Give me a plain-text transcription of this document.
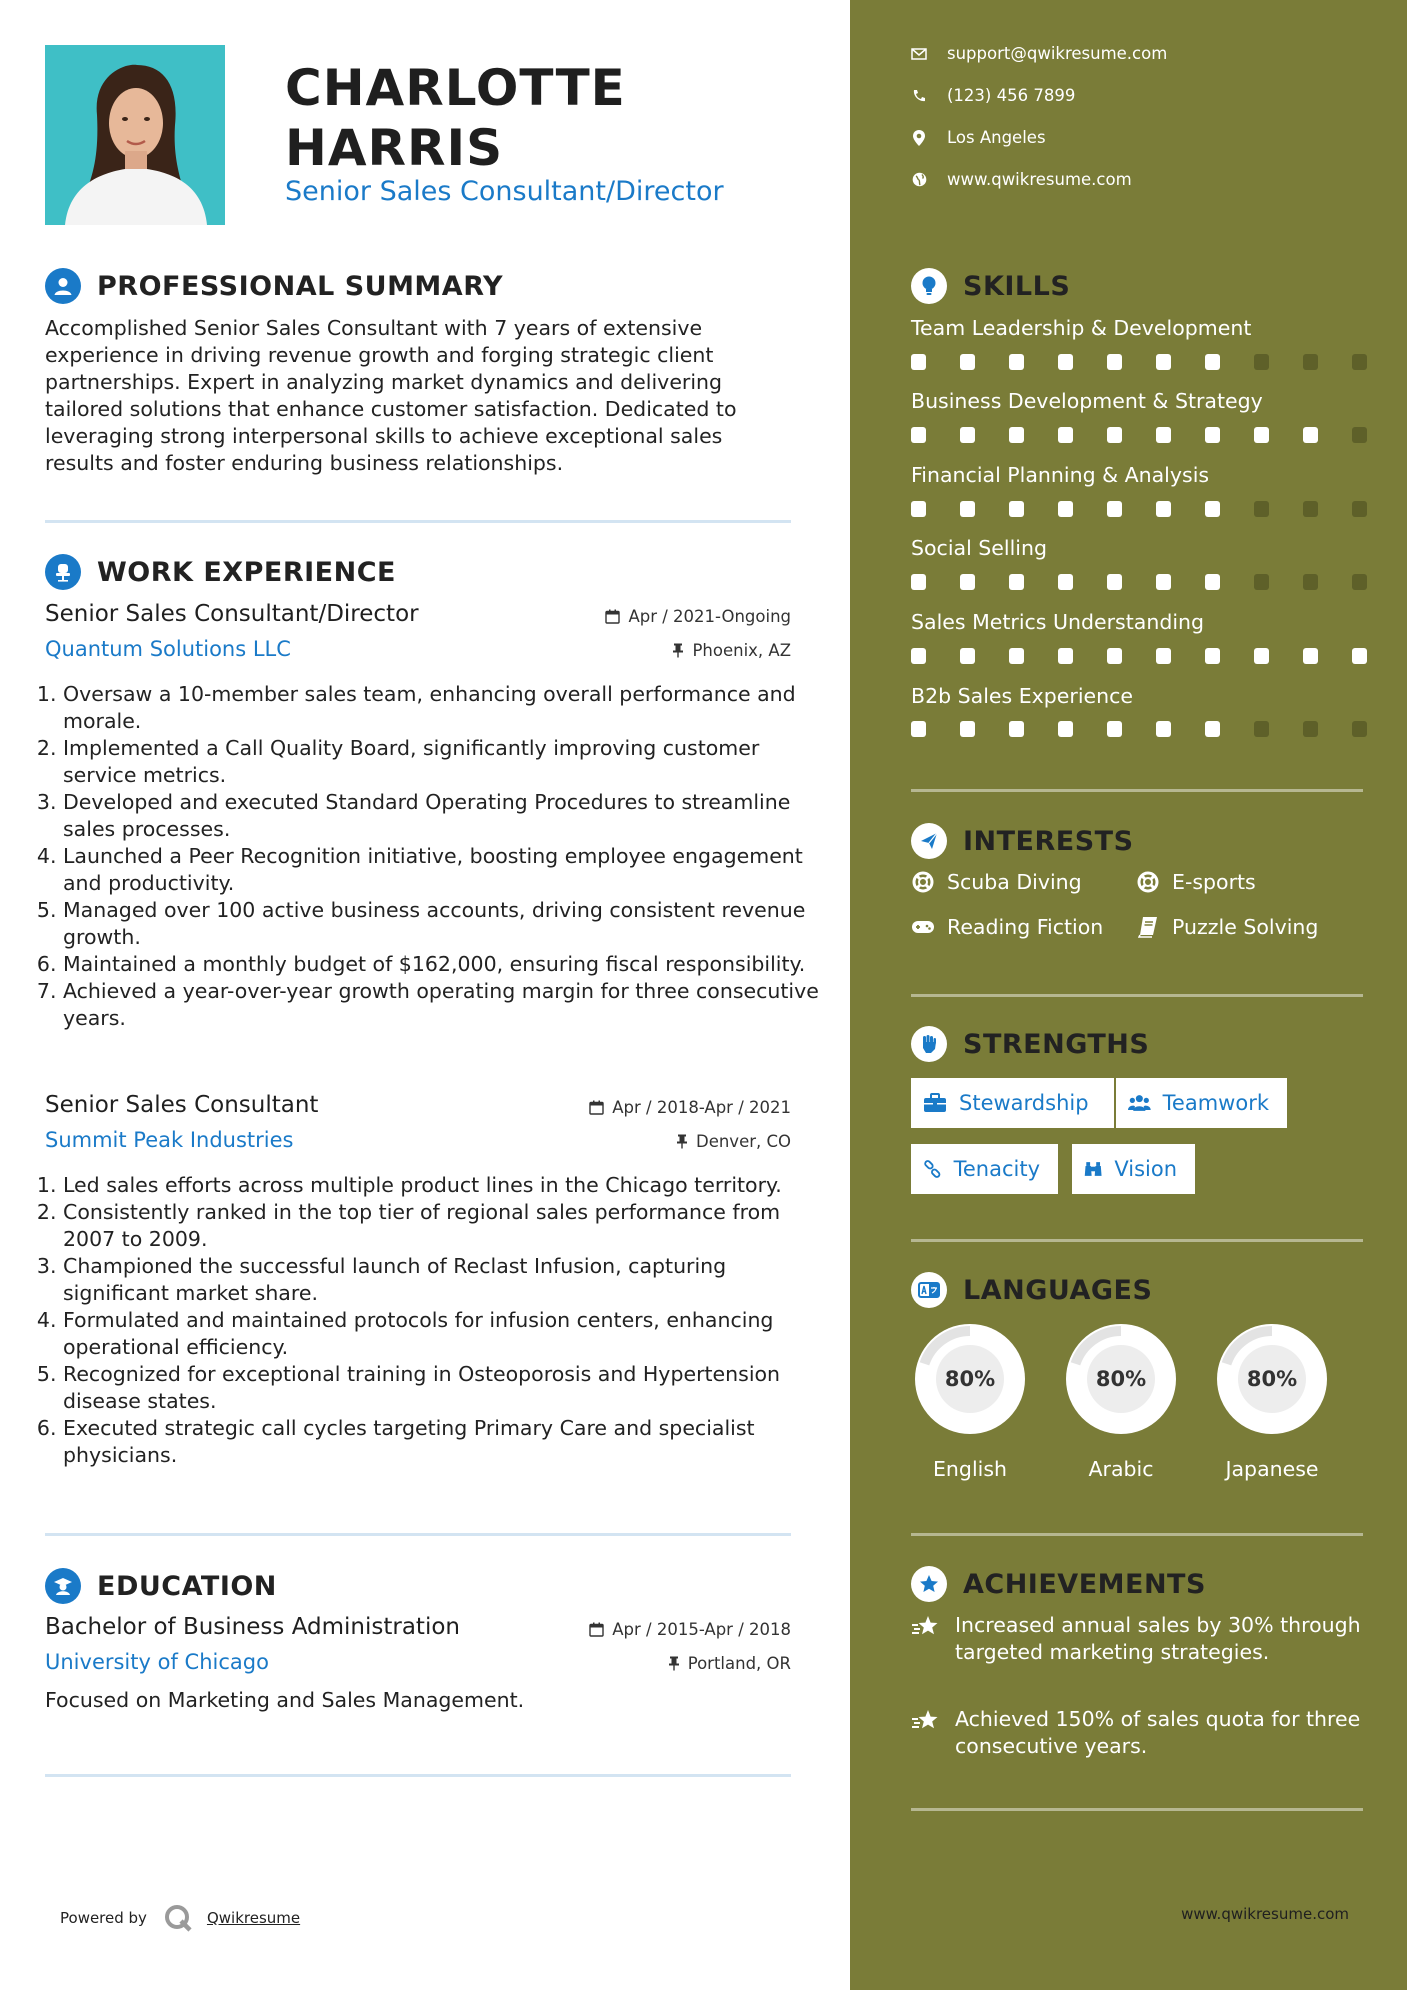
CHARLOTTE
HARRIS

Senior Sales Consultant/Director

PROFESSIONAL SUMMARY

Accomplished Senior Sales Consultant with 7 years of extensive experience in driving revenue growth and forging strategic client partnerships. Expert in analyzing market dynamics and delivering tailored solutions that enhance customer satisfaction. Dedicated to leveraging strong interpersonal skills to achieve exceptional sales results and foster enduring business relationships.

WORK EXPERIENCE
Senior Sales Consultant/Director
Quantum Solutions LLC
Apr / 2021-Ongoing
Phoenix, AZ
1. Oversaw a 10-member sales team, enhancing overall performance and morale.
2. Implemented a Call Quality Board, significantly improving customer service metrics.
3. Developed and executed Standard Operating Procedures to streamline sales processes.
4. Launched a Peer Recognition initiative, boosting employee engagement and productivity.
5. Managed over 100 active business accounts, driving consistent revenue growth.
6. Maintained a monthly budget of $162,000, ensuring fiscal responsibility.
7. Achieved a year-over-year growth operating margin for three consecutive years.
Senior Sales Consultant
Summit Peak Industries
Apr / 2018-Apr / 2021
Denver, CO
1. Led sales efforts across multiple product lines in the Chicago territory.
2. Consistently ranked in the top tier of regional sales performance from 2007 to 2009.
3. Championed the successful launch of Reclast Infusion, capturing significant market share.
4. Formulated and maintained protocols for infusion centers, enhancing operational efficiency.
5. Recognized for exceptional training in Osteoporosis and Hypertension disease states.
6. Executed strategic call cycles targeting Primary Care and specialist physicians.
EDUCATION
Bachelor of Business Administration
University of Chicago
Apr / 2015-Apr / 2018
Portland, OR
Focused on Marketing and Sales Management.
Powered by	Qwikresume
support@qwikresume.com
(123) 456 7899
Los Angeles
www.qwikresume.com
SKILLS
Team Leadership & Development
Business Development & Strategy
Financial Planning & Analysis
Social Selling
Sales Metrics Understanding
B2b Sales Experience
INTERESTS
Scuba Diving	E-sports
Reading Fiction	Puzzle Solving
STRENGTHS
Stewardship	Teamwork
Tenacity	Vision
LANGUAGES
80%
English
80%
Arabic
80%
Japanese
ACHIEVEMENTS
Increased annual sales by 30% through targeted marketing strategies.
Achieved 150% of sales quota for three consecutive years.
www.qwikresume.com
